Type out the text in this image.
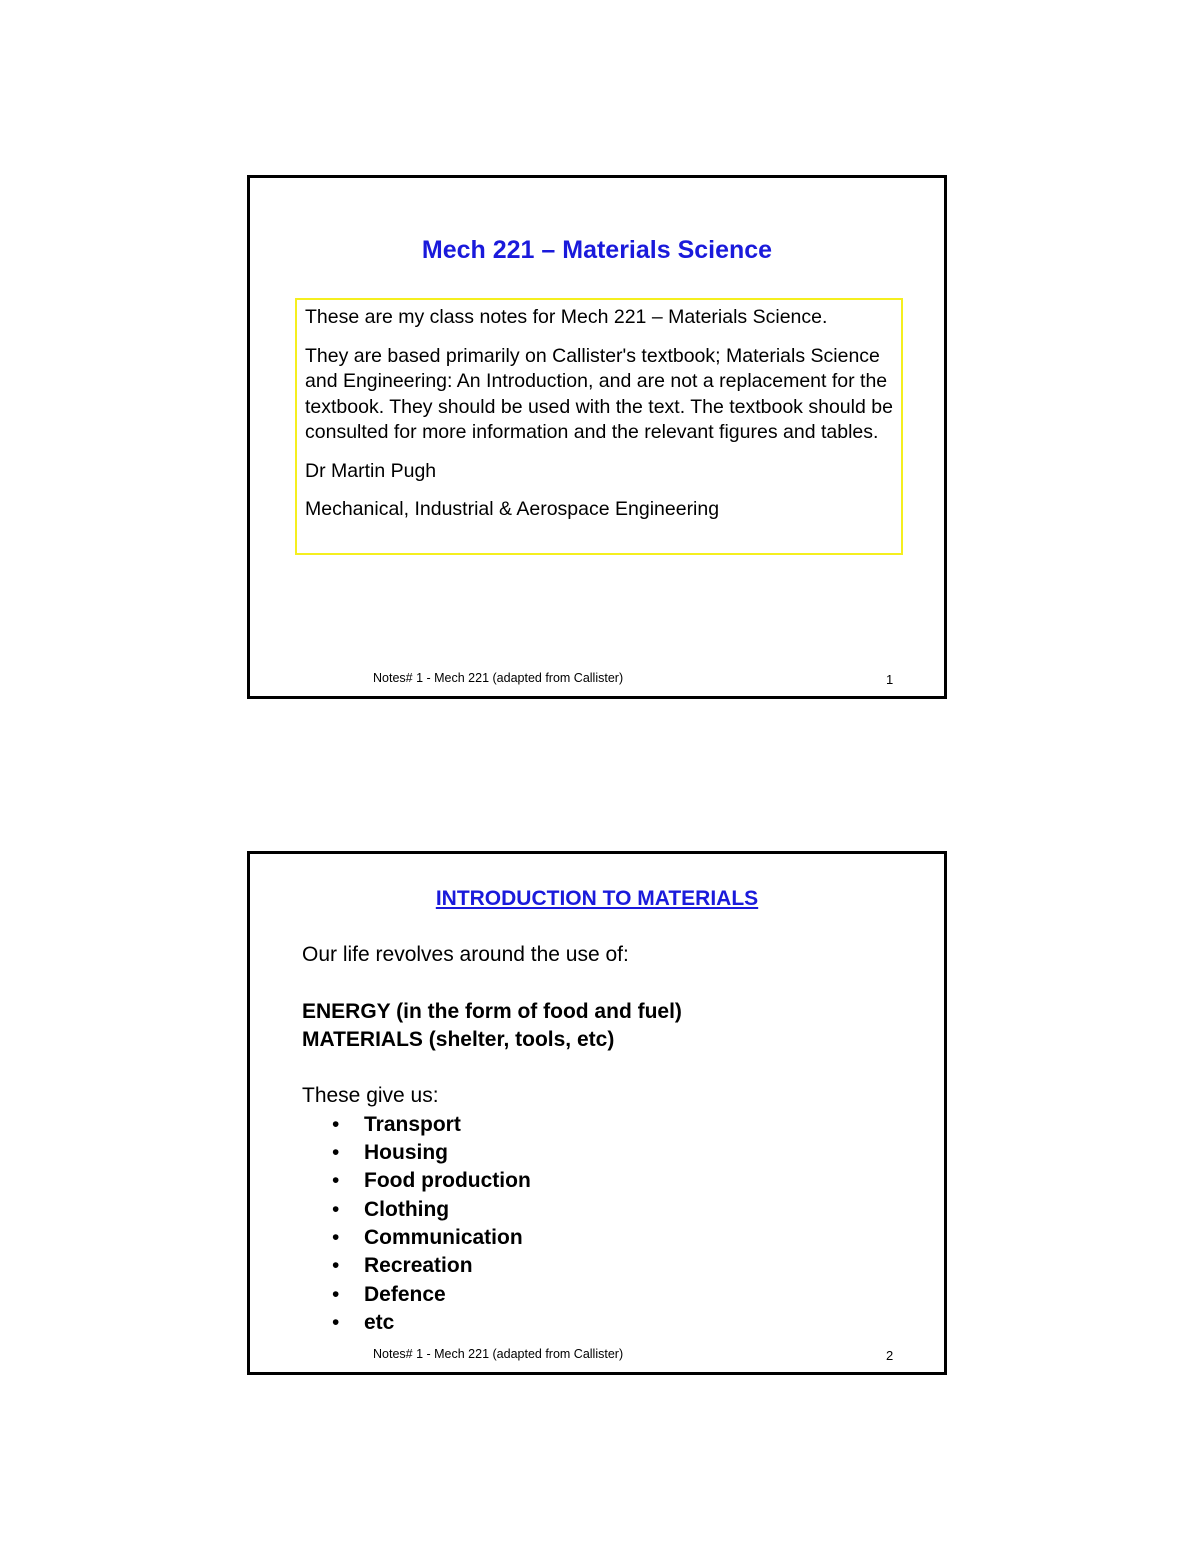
Mech 221 – Materials Science

These are my class notes for Mech 221 – Materials Science.

They are based primarily on Callister's textbook; Materials Science and Engineering: An Introduction, and are not a replacement for the textbook. They should be used with the text. The textbook should be consulted for more information and the relevant figures and tables.

Dr Martin Pugh

Mechanical, Industrial & Aerospace Engineering

Notes# 1 - Mech 221 (adapted from Callister)	1
INTRODUCTION TO MATERIALS

Our life revolves around the use of:

ENERGY (in the form of food and fuel)

MATERIALS (shelter, tools, etc)

These give us:

• Transport
• Housing
• Food production
• Clothing
• Communication
• Recreation
• Defence
• etc
Notes# 1 - Mech 221 (adapted from Callister)	2
